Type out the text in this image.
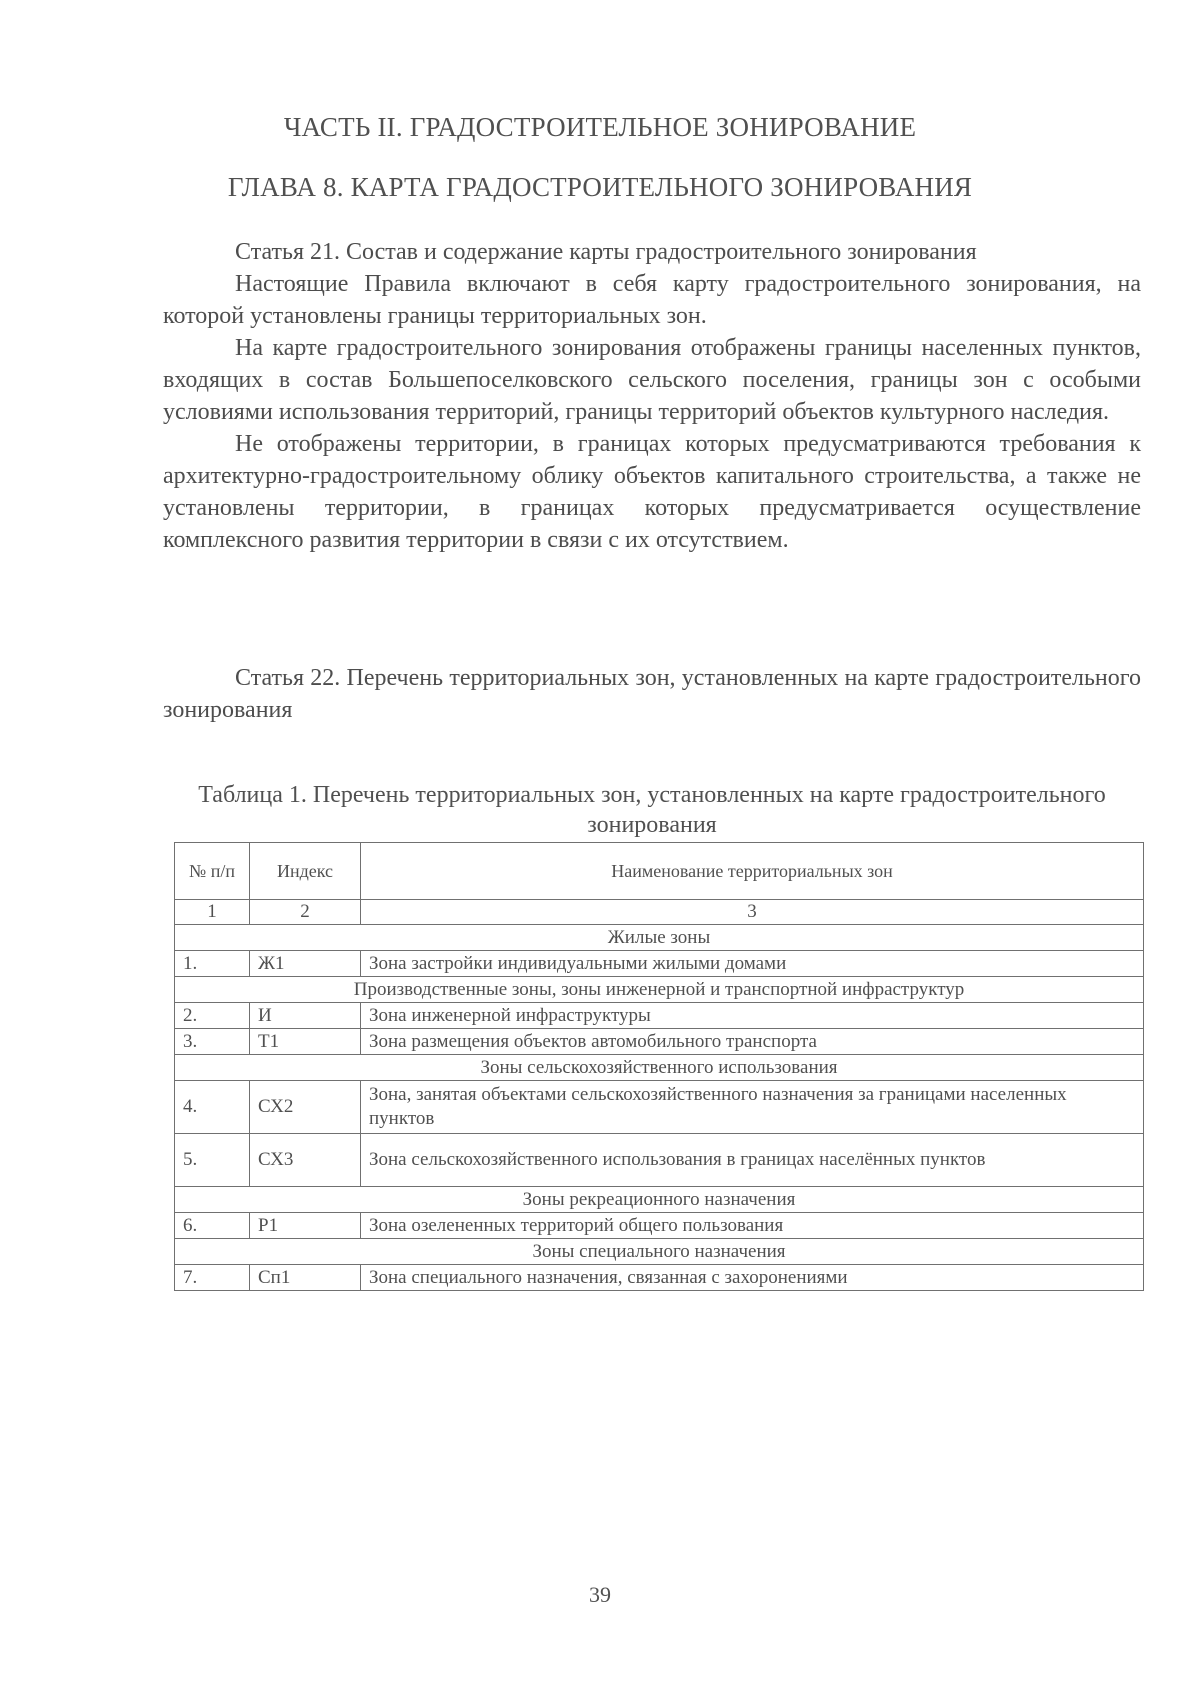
ЧАСТЬ II. ГРАДОСТРОИТЕЛЬНОЕ ЗОНИРОВАНИЕ
ГЛАВА 8. КАРТА ГРАДОСТРОИТЕЛЬНОГО ЗОНИРОВАНИЯ

Статья 21. Состав и содержание карты градостроительного зонирования

Настоящие Правила включают в себя карту градостроительного зонирования, на которой установлены границы территориальных зон.

На карте градостроительного зонирования отображены границы населенных пунктов, входящих в состав Большепоселковского сельского поселения, границы зон с особыми условиями использования территорий, границы территорий объектов культурного наследия.

Не отображены территории, в границах которых предусматриваются требования к архитектурно-градостроительному облику объектов капитального строительства, а также не установлены территории, в границах которых предусматривается осуществление комплексного развития территории в связи с их отсутствием.

Статья 22. Перечень территориальных зон, установленных на карте градостроительного зонирования

Таблица 1. Перечень территориальных зон, установленных на карте градостроительного зонирования
№ п/п	Индекс	Наименование территориальных зон
1	2	3
Жилые зоны		
1.	Ж1	Зона застройки индивидуальными жилыми домами
Производственные зоны, зоны инженерной и транспортной инфраструктур		
2.	И	Зона инженерной инфраструктуры
3.	Т1	Зона размещения объектов автомобильного транспорта
Зоны сельскохозяйственного использования		
4.	СХ2	Зона, занятая объектами сельскохозяйственного назначения за границами населенных пунктов
5.	СХ3	Зона сельскохозяйственного использования в границах населённых пунктов
Зоны рекреационного назначения		
6.	Р1	Зона озелененных территорий общего пользования
Зоны специального назначения		
7.	Сп1	Зона специального назначения, связанная с захоронениями
39
